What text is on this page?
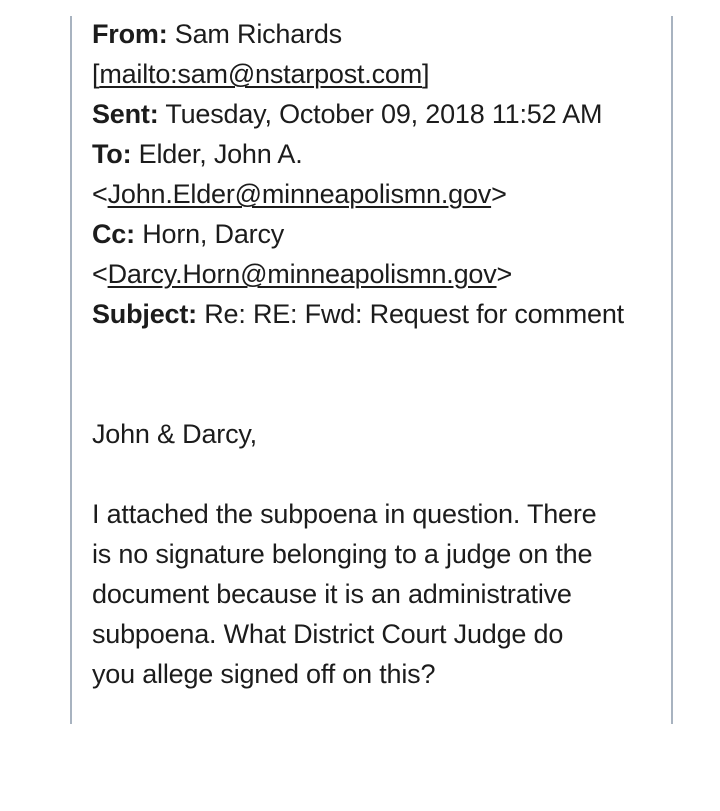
From: Sam Richards
[mailto:sam@nstarpost.com]
Sent: Tuesday, October 09, 2018 11:52 AM
To: Elder, John A.
<John.Elder@minneapolismn.gov>
Cc: Horn, Darcy
<Darcy.Horn@minneapolismn.gov>
Subject: Re: RE: Fwd: Request for comment
John & Darcy,
I attached the subpoena in question. There
is no signature belonging to a judge on the
document because it is an administrative
subpoena. What District Court Judge do
you allege signed off on this?
